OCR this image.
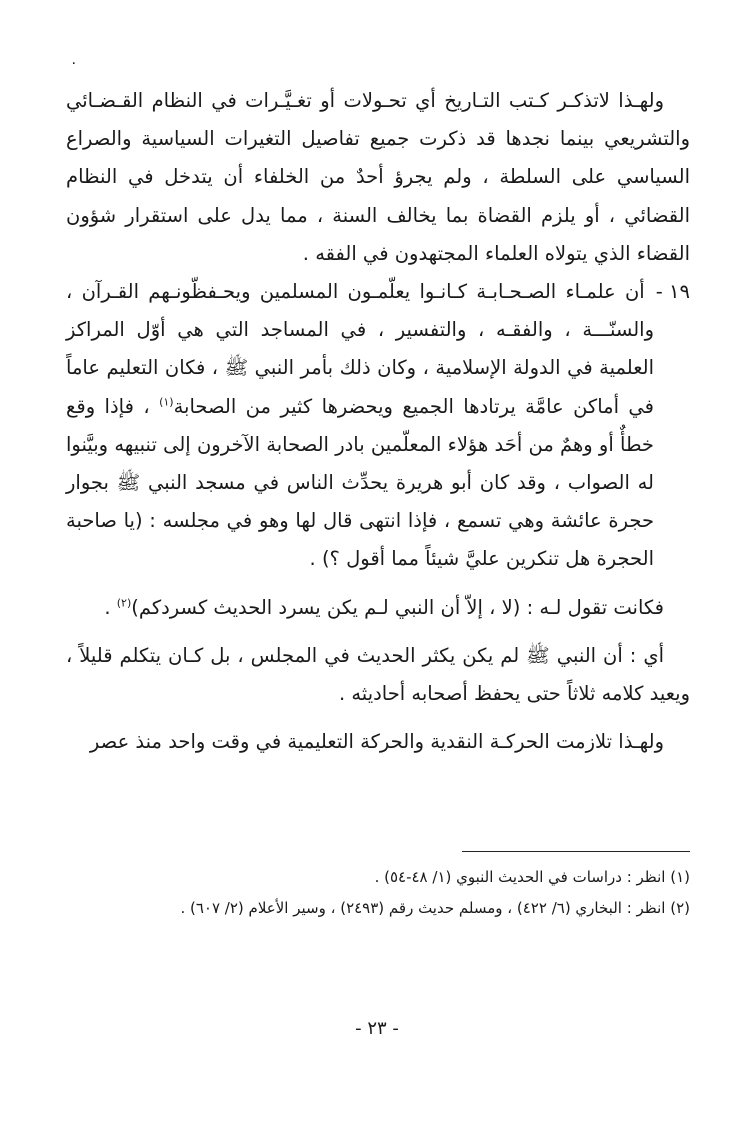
٠

ولهـذا لاتذكـر كـتب التـاريخ أي تحـولات أو تغـيَّـرات في النظام القـضـائي والتشريعي بينما نجدها قد ذكرت جميع تفاصيل التغيرات السياسية والصراع السياسي على السلطة ، ولم يجرؤ أحدٌ من الخلفاء أن يتدخل في النظام القضائي ، أو يلزم القضاة بما يخالف السنة ، مما يدل على استقرار شؤون القضاء الذي يتولاه العلماء المجتهدون في الفقه .

١٩ - أن علمـاء الصـحـابـة كـانـوا يعلّمـون المسلمين ويحـفظّونـهم القـرآن ، والسنّـــة ، والفقـه ، والتفسير ، في المساجد التي هي أوّل المراكز العلمية في الدولة الإسلامية ، وكان ذلك بأمر النبي ﷺ ، فكان التعليم عاماً في أماكن عامَّة يرتادها الجميع ويحضرها كثير من الصحابة$^{(١)}$ ، فإذا وقع خطأٌ أو وهمٌ من أحَد هؤلاء المعلّمين بادر الصحابة الآخرون إلى تنبيهه وبيَّنوا له الصواب ، وقد كان أبو هريرة يحدِّث الناس في مسجد النبي ﷺ بجوار حجرة عائشة وهي تسمع ، فإذا انتهى قال لها وهو في مجلسه : (يا صاحبة الحجرة هل تنكرين عليَّ شيئاً مما أقول ؟) .

فكانت تقول لـه : (لا ، إلاّ أن النبي لـم يكن يسرد الحديث كسردكم)$^{(٢)}$ .

أي : أن النبي ﷺ لم يكن يكثر الحديث في المجلس ، بل كـان يتكلم قليلاً ، ويعيد كلامه ثلاثاً حتى يحفظ أصحابه أحاديثه .

ولهـذا تلازمت الحركـة النقدية والحركة التعليمية في وقت واحد منذ عصر

(١) انظر : دراسات في الحديث النبوي (١/ ٤٨-٥٤) .

(٢) انظر : البخاري (٦/ ٤٢٢) ، ومسلم حديث رقم (٢٤٩٣) ، وسير الأعلام (٢/ ٦٠٧) .

- ٢٣ -
